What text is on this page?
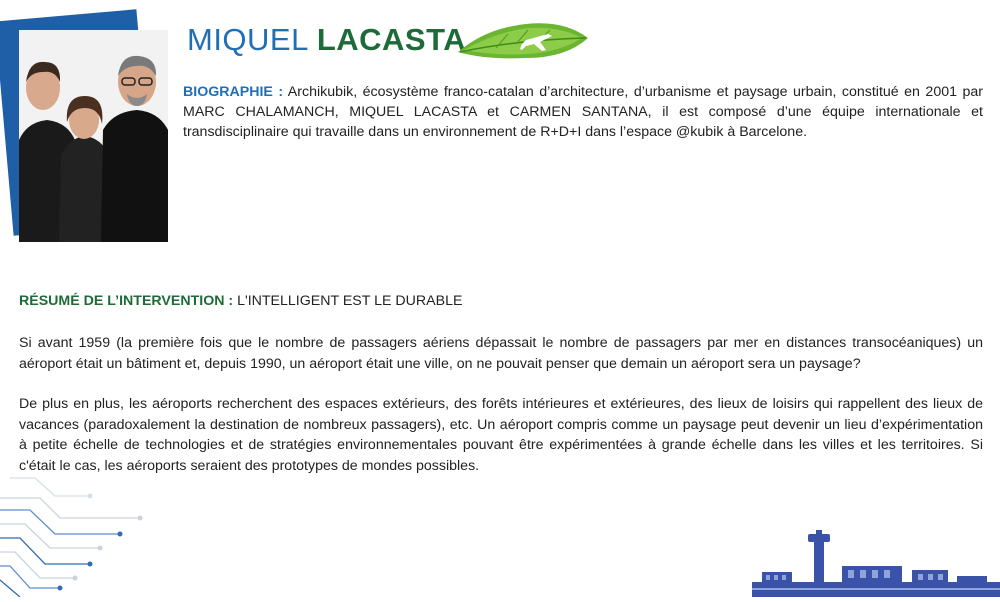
MIQUEL LACASTA

BIOGRAPHIE : Archikubik, écosystème franco-catalan d’architecture, d’urbanisme et paysage urbain, constitué en 2001 par MARC CHALAMANCH, MIQUEL LACASTA et CARMEN SANTANA, il est composé d’une équipe internationale et transdisciplinaire qui travaille dans un environnement de R+D+I dans l’espace @kubik à Barcelone.

RÉSUMÉ DE L’INTERVENTION : L'INTELLIGENT EST LE DURABLE

Si avant 1959 (la première fois que le nombre de passagers aériens dépassait le nombre de passagers par mer en distances transocéaniques) un aéroport était un bâtiment et, depuis 1990, un aéroport était une ville, on ne pouvait penser que demain un aéroport sera un paysage?

De plus en plus, les aéroports recherchent des espaces extérieurs, des forêts intérieures et extérieures, des lieux de loisirs qui rappellent des lieux de vacances (paradoxalement la destination de nombreux passagers), etc. Un aéroport compris comme un paysage peut devenir un lieu d’expérimentation à petite échelle de technologies et de stratégies environnementales pouvant être expérimentées à grande échelle dans les villes et les territoires. Si c'était le cas, les aéroports seraient des prototypes de mondes possibles.
